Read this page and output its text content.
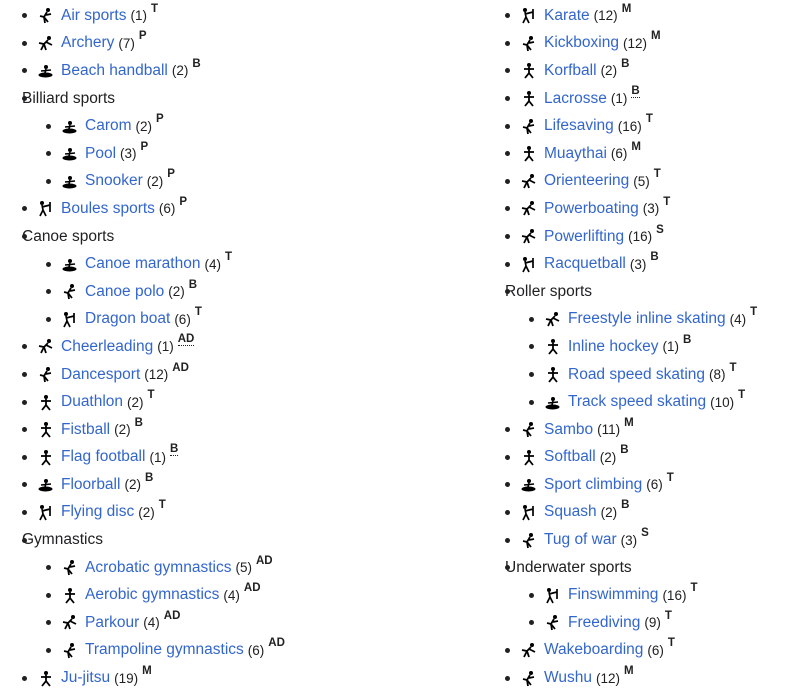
Air sports (1) T
Archery (7) P
Beach handball (2) B
Billiard sports
Carom (2) P
Pool (3) P
Snooker (2) P
Boules sports (6) P
Canoe sports
Canoe marathon (4) T
Canoe polo (2) B
Dragon boat (6) T
Cheerleading (1)
AD
Dancesport (12) AD
Duathlon (2) T
Fistball (2) B
Flag football (1)
B
Floorball (2) B
Flying disc (2) T
Gymnastics
Acrobatic gymnastics (5) AD
Aerobic gymnastics (4) AD
Parkour (4) AD
Trampoline gymnastics (6) AD
Ju-jitsu (19) M
Karate (12) M
Kickboxing (12) M
Korfball (2) B
Lacrosse (1)
B
Lifesaving (16) T
Muaythai (6) M
Orienteering (5) T
Powerboating (3) T
Powerlifting (16) S
Racquetball (3) B
Roller sports
Freestyle inline skating (4) T
Inline hockey (1) B
Road speed skating (8) T
Track speed skating (10) T
Sambo (11) M
Softball (2) B
Sport climbing (6) T
Squash (2) B
Tug of war (3) S
Underwater sports
Finswimming (16) T
Freediving (9) T
Wakeboarding (6) T
Wushu (12) M
